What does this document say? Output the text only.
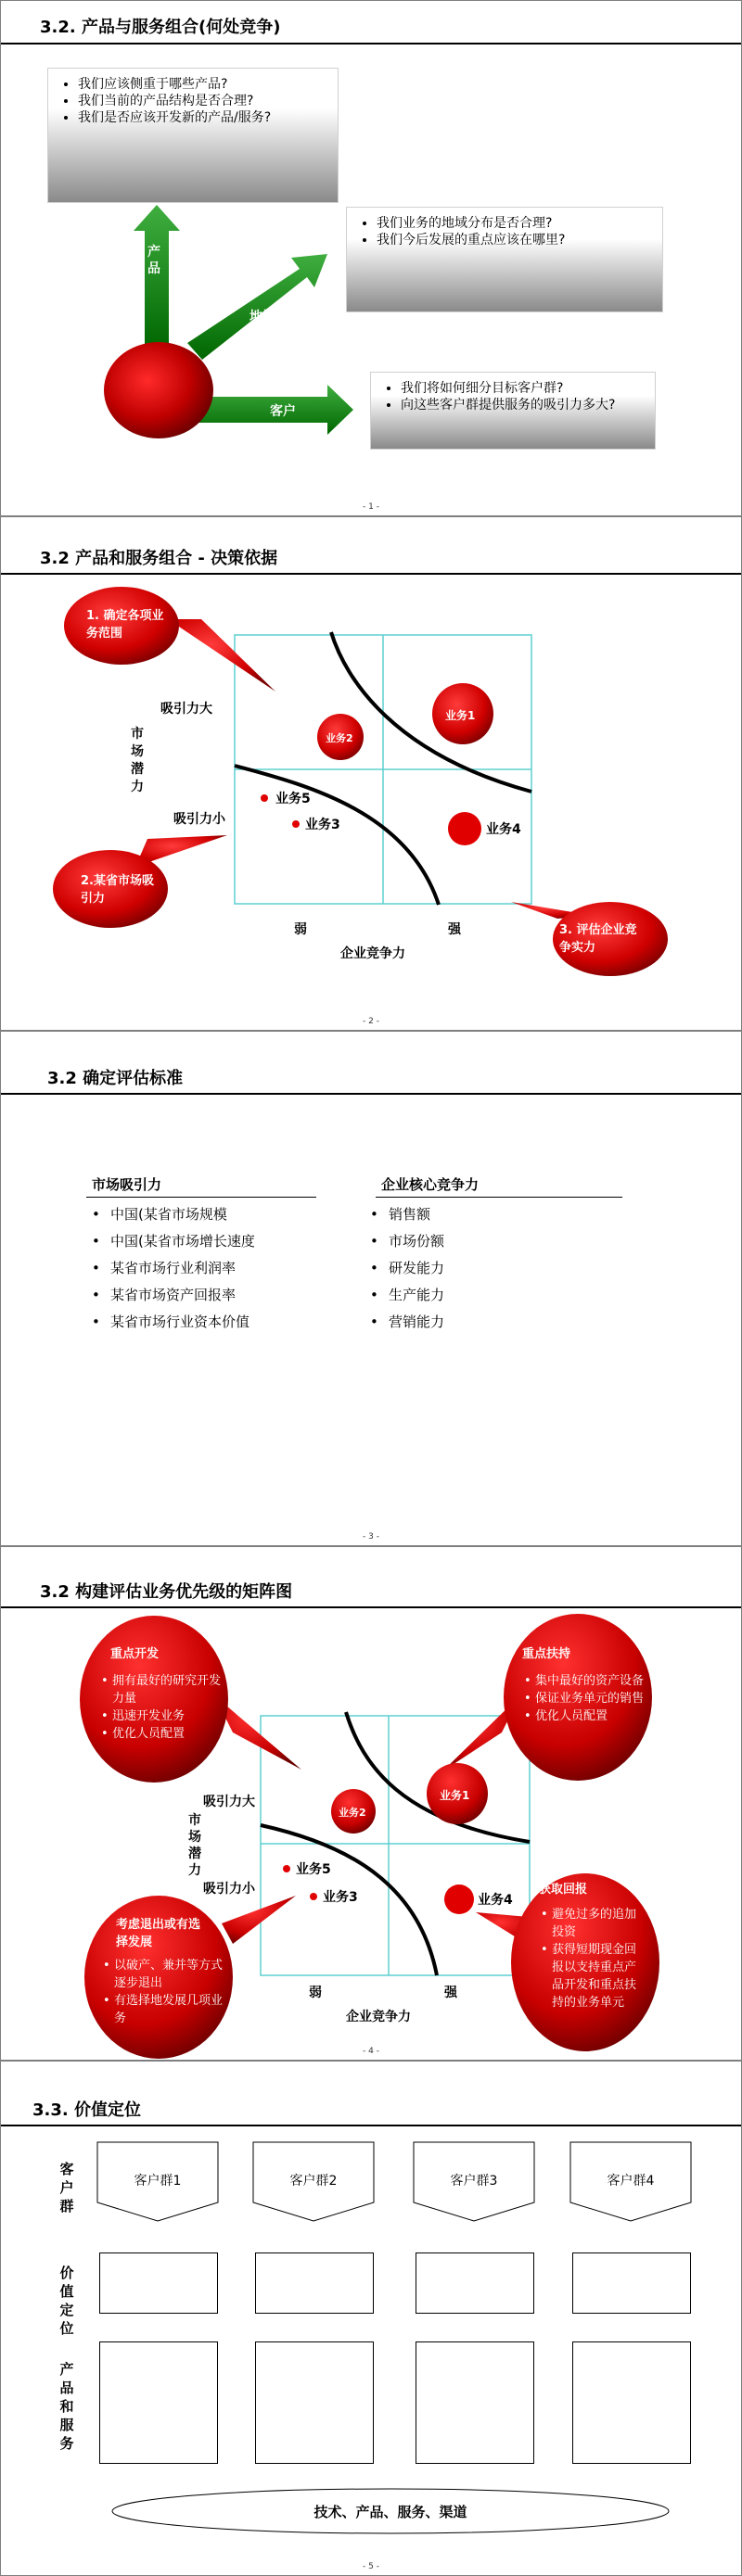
3.2. 产品与服务组合(何处竞争)
• 我们应该侧重于哪些产品?
• 我们当前的产品结构是否合理?
• 我们是否应该开发新的产品/服务?
• 我们业务的地域分布是否合理?
• 我们今后发展的重点应该在哪里?
• 我们将如何细分目标客户群?
• 向这些客户群提供服务的吸引力多大?
产品
地域
客户
- 1 -
3.2 产品和服务组合 - 决策依据
1. 确定各项业务范围
2.某省市场吸引力
3. 评估企业竞争实力
业务1
业务2
业务4
业务5
业务3
吸引力大
吸引力小
市场潜力
弱	强
企业竞争力
- 2 -
3.2 确定评估标准
市场吸引力
• 中国(某省市场规模
• 中国(某省市场增长速度
• 某省市场行业利润率
• 某省市场资产回报率
• 某省市场行业资本价值
企业核心竞争力
• 销售额
• 市场份额
• 研发能力
• 生产能力
• 营销能力
- 3 -
3.2 构建评估业务优先级的矩阵图
重点开发
• 拥有最好的研究开发力量
• 迅速开发业务
• 优化人员配置
重点扶持
• 集中最好的资产设备
• 保证业务单元的销售
• 优化人员配置
考虑退出或有选择发展
• 以破产、兼并等方式逐步退出
• 有选择地发展几项业务
获取回报
• 避免过多的追加投资
• 获得短期现金回报以支持重点产品开发和重点扶持的业务单元
业务1
业务2
业务4
业务5
业务3
吸引力大
吸引力小
市场潜力
弱	强
企业竞争力
- 4 -
3.3. 价值定位
客户群
价值定位
产品和服务
客户群1	客户群2	客户群3	客户群4
技术、产品、服务、渠道
- 5 -
